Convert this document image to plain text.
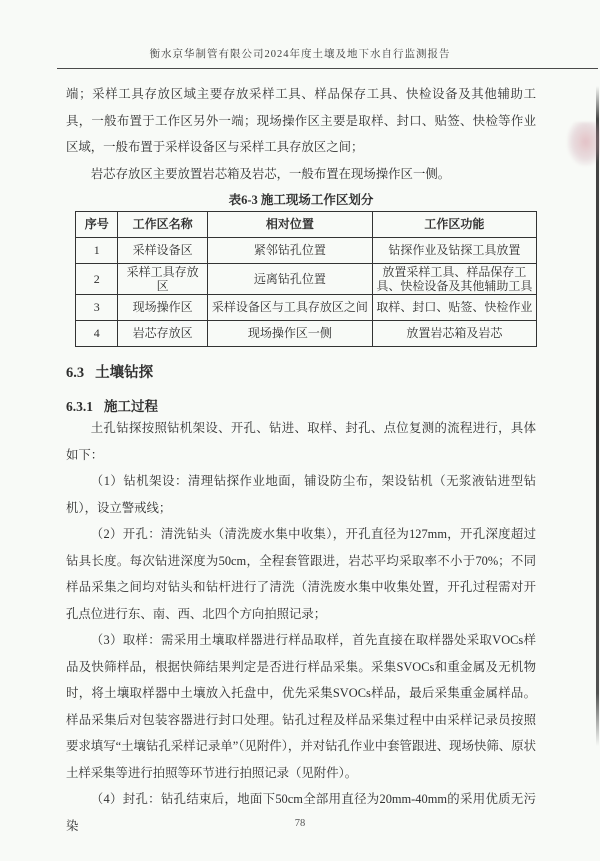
衡水京华制管有限公司2024年度土壤及地下水自行监测报告

端；采样工具存放区域主要存放采样工具、样品保存工具、快检设备及其他辅助工具，一般布置于工作区另外一端；现场操作区主要是取样、封口、贴签、快检等作业区域，一般布置于采样设备区与采样工具存放区之间；

岩芯存放区主要放置岩芯箱及岩芯，一般布置在现场操作区一侧。

表6-3 施工现场工作区划分
序号	工作区名称	相对位置	工作区功能
1	采样设备区	紧邻钻孔位置	钻探作业及钻探工具放置
2	采样工具存放区	远离钻孔位置	放置采样工具、样品保存工具、快检设备及其他辅助工具
3	现场操作区	采样设备区与工具存放区之间	取样、封口、贴签、快检作业
4	岩芯存放区	现场操作区一侧	放置岩芯箱及岩芯
6.3 土壤钻探
6.3.1 施工过程

土孔钻探按照钻机架设、开孔、钻进、取样、封孔、点位复测的流程进行，具体如下：

（1）钻机架设：清理钻探作业地面，铺设防尘布，架设钻机（无浆液钻进型钻机），设立警戒线；

（2）开孔：清洗钻头（清洗废水集中收集），开孔直径为127mm，开孔深度超过钻具长度。每次钻进深度为50cm，全程套管跟进，岩芯平均采取率不小于70%；不同样品采集之间均对钻头和钻杆进行了清洗（清洗废水集中收集处置，开孔过程需对开孔点位进行东、南、西、北四个方向拍照记录；

（3）取样：需采用土壤取样器进行样品取样，首先直接在取样器处采取VOCs样品及快筛样品，根据快筛结果判定是否进行样品采集。采集SVOCs和重金属及无机物时，将土壤取样器中土壤放入托盘中，优先采集SVOCs样品，最后采集重金属样品。样品采集后对包装容器进行封口处理。钻孔过程及样品采集过程中由采样记录员按照要求填写“土壤钻孔采样记录单”（见附件），并对钻孔作业中套管跟进、现场快筛、原状土样采集等进行拍照等环节进行拍照记录（见附件）。

（4）封孔：钻孔结束后，地面下50cm全部用直径为20mm-40mm的采用优质无污染	78
